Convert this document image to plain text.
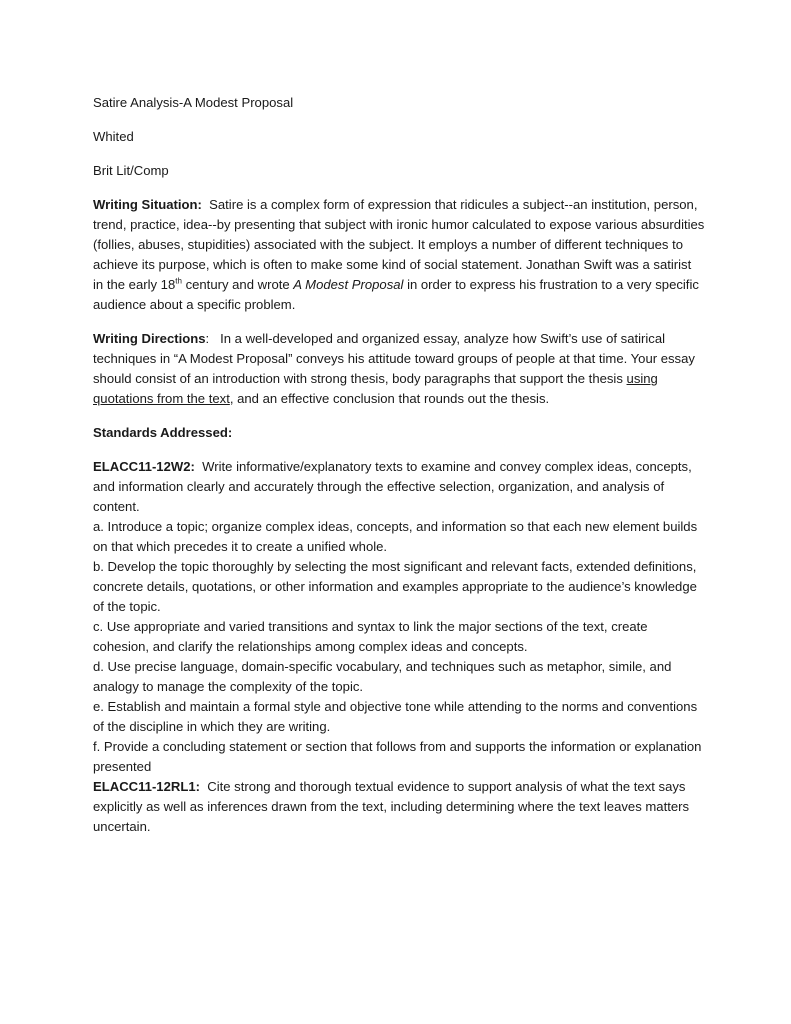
Satire Analysis-A Modest Proposal

Whited

Brit Lit/Comp

Writing Situation: Satire is a complex form of expression that ridicules a subject--an institution, person, trend, practice, idea--by presenting that subject with ironic humor calculated to expose various absurdities (follies, abuses, stupidities) associated with the subject. It employs a number of different techniques to achieve its purpose, which is often to make some kind of social statement. Jonathan Swift was a satirist in the early 18th century and wrote A Modest Proposal in order to express his frustration to a very specific audience about a specific problem.

Writing Directions: In a well-developed and organized essay, analyze how Swift’s use of satirical techniques in “A Modest Proposal” conveys his attitude toward groups of people at that time. Your essay should consist of an introduction with strong thesis, body paragraphs that support the thesis using quotations from the text, and an effective conclusion that rounds out the thesis.

Standards Addressed:

ELACC11-12W2: Write informative/explanatory texts to examine and convey complex ideas, concepts, and information clearly and accurately through the effective selection, organization, and analysis of content.

a. Introduce a topic; organize complex ideas, concepts, and information so that each new element builds on that which precedes it to create a unified whole.

b. Develop the topic thoroughly by selecting the most significant and relevant facts, extended definitions, concrete details, quotations, or other information and examples appropriate to the audience’s knowledge of the topic.

c. Use appropriate and varied transitions and syntax to link the major sections of the text, create cohesion, and clarify the relationships among complex ideas and concepts.

d. Use precise language, domain-specific vocabulary, and techniques such as metaphor, simile, and analogy to manage the complexity of the topic.

e. Establish and maintain a formal style and objective tone while attending to the norms and conventions of the discipline in which they are writing.

f. Provide a concluding statement or section that follows from and supports the information or explanation presented

ELACC11-12RL1: Cite strong and thorough textual evidence to support analysis of what the text says explicitly as well as inferences drawn from the text, including determining where the text leaves matters uncertain.
